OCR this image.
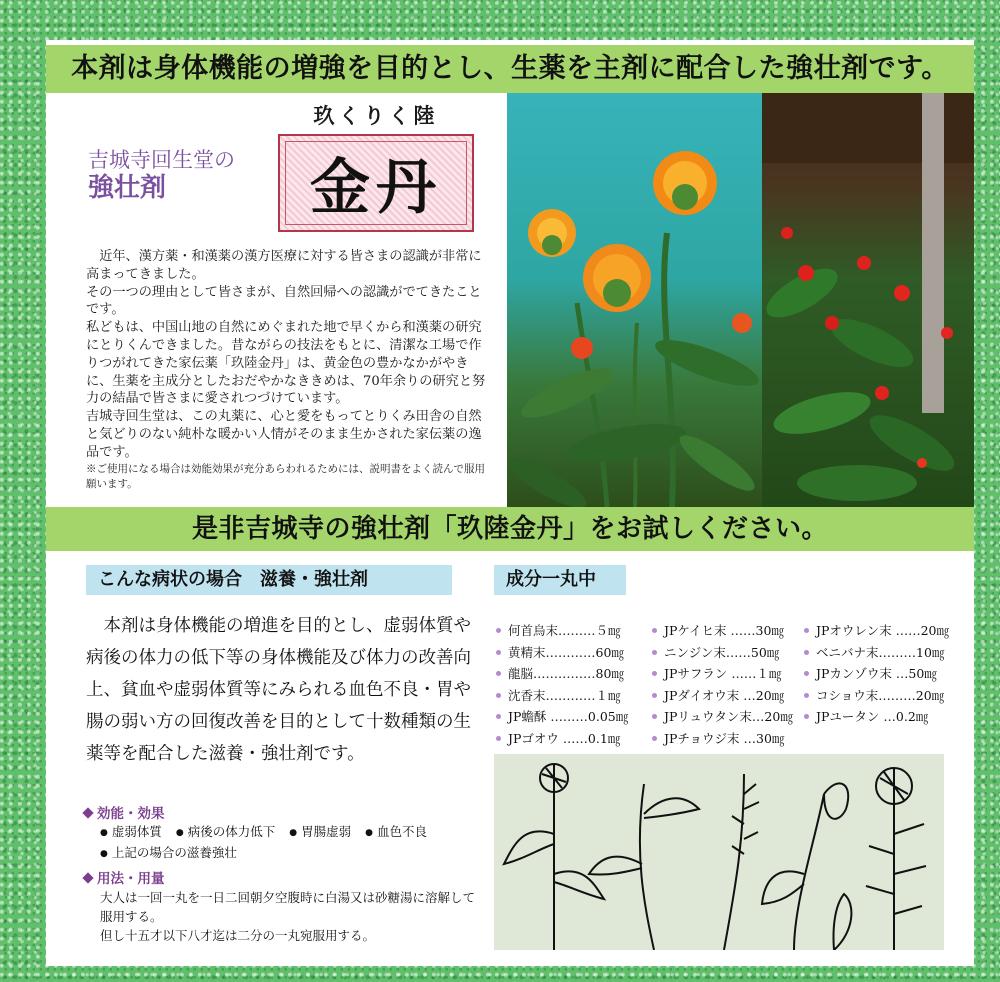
本剤は身体機能の増強を目的とし、生薬を主剤に配合した強壮剤です。
吉城寺回生堂の
強壮剤
玖くりく陸
金丹

近年、漢方薬・和漢薬の漢方医療に対する皆さまの認識が非常に高まってきました。

その一つの理由として皆さまが、自然回帰への認識がでてきたことです。

私どもは、中国山地の自然にめぐまれた地で早くから和漢薬の研究にとりくんできました。昔ながらの技法をもとに、清潔な工場で作りつがれてきた家伝薬「玖陸金丹」は、黄金色の豊かなかがやきに、生薬を主成分としたおだやかなききめは、70年余りの研究と努力の結晶で皆さまに愛されつづけています。

吉城寺回生堂は、この丸薬に、心と愛をもってとりくみ田舎の自然と気どりのない純朴な暖かい人情がそのまま生かされた家伝薬の逸品です。

※ご使用になる場合は効能効果が充分あらわれるためには、説明書をよく読んで服用願います。
是非吉城寺の強壮剤「玖陸金丹」をお試しください。
こんな病状の場合　滋養・強壮剤
本剤は身体機能の増進を目的とし、虚弱体質や病後の体力の低下等の身体機能及び体力の改善向上、貧血や虚弱体質等にみられる血色不良・胃や腸の弱い方の回復改善を目的として十数種類の生薬等を配合した滋養・強壮剤です。
効能・効果
● 虚弱体質 ● 病後の体力低下 ● 胃腸虚弱 ● 血色不良
● 上記の場合の滋養強壮
用法・用量
大人は一回一丸を一日二回朝夕空腹時に白湯又は砂糖湯に溶解して服用する。
但し十五才以下八才迄は二分の一丸宛服用する。
成分一丸中
何首烏末………５㎎
黄精末…………60㎎
龍脳……………80㎎
沈香末…………１㎎
JP蟾酥 ………0.05㎎
JPゴオウ ……0.1㎎
JPケイヒ末 ……30㎎
ニンジン末……50㎎
JPサフラン ……１㎎
JPダイオウ末 …20㎎
JPリュウタン末…20㎎
JPチョウジ末 …30㎎
JPオウレン末 ……20㎎
ベニバナ末………10㎎
JPカンゾウ末 …50㎎
コショウ末………20㎎
JPユータン …0.2㎎
